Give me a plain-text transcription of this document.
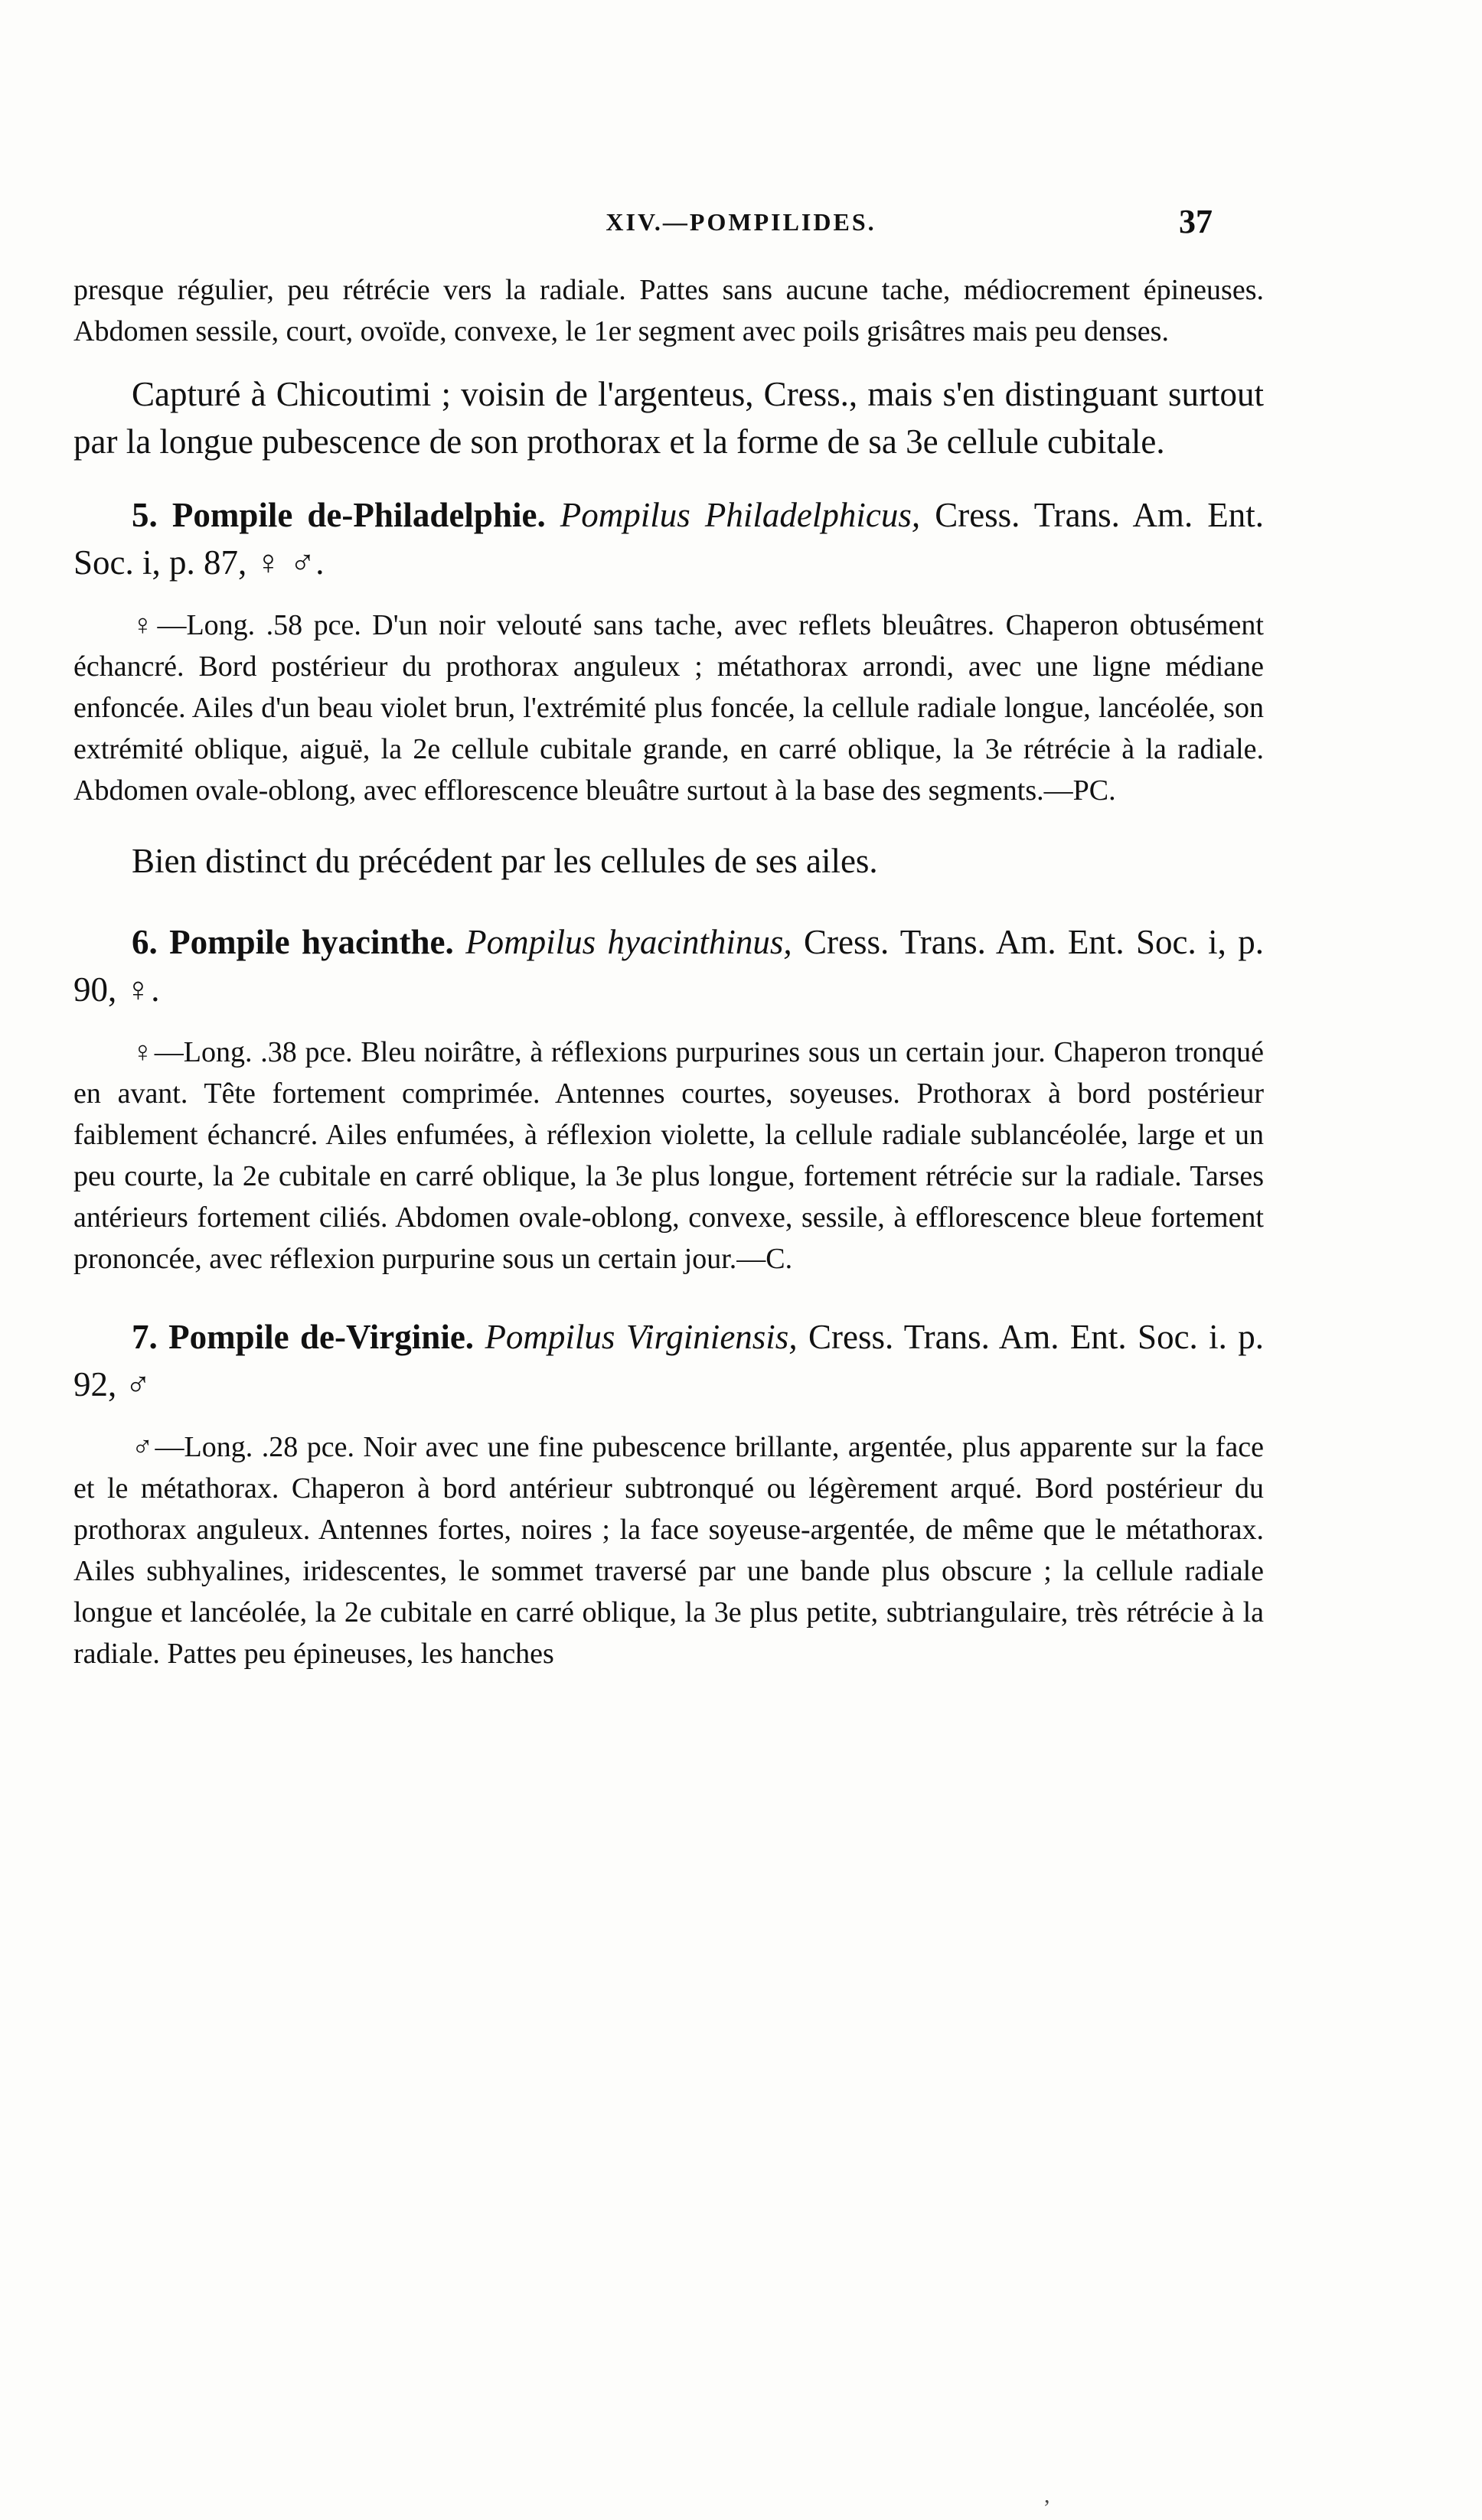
XIV.—POMPILIDES.	37

presque régulier, peu rétrécie vers la radiale. Pattes sans aucune tache, médiocrement épineuses. Abdomen sessile, court, ovoïde, convexe, le 1er segment avec poils grisâtres mais peu denses.

Capturé à Chicoutimi ; voisin de l'argenteus, Cress., mais s'en distinguant surtout par la longue pubescence de son prothorax et la forme de sa 3e cellule cubitale.

5. Pompile de-Philadelphie. Pompilus Philadelphicus, Cress. Trans. Am. Ent. Soc. i, p. 87, ♀ ♂.

♀—Long. .58 pce. D'un noir velouté sans tache, avec reflets bleuâtres. Chaperon obtusément échancré. Bord postérieur du prothorax anguleux ; métathorax arrondi, avec une ligne médiane enfoncée. Ailes d'un beau violet brun, l'extrémité plus foncée, la cellule radiale longue, lancéolée, son extrémité oblique, aiguë, la 2e cellule cubitale grande, en carré oblique, la 3e rétrécie à la radiale. Abdomen ovale-oblong, avec efflorescence bleuâtre surtout à la base des segments.—PC.

Bien distinct du précédent par les cellules de ses ailes.

6. Pompile hyacinthe. Pompilus hyacinthinus, Cress. Trans. Am. Ent. Soc. i, p. 90, ♀.

♀—Long. .38 pce. Bleu noirâtre, à réflexions purpurines sous un certain jour. Chaperon tronqué en avant. Tête fortement comprimée. Antennes courtes, soyeuses. Prothorax à bord postérieur faiblement échancré. Ailes enfumées, à réflexion violette, la cellule radiale sublancéolée, large et un peu courte, la 2e cubitale en carré oblique, la 3e plus longue, fortement rétrécie sur la radiale. Tarses antérieurs fortement ciliés. Abdomen ovale-oblong, convexe, sessile, à efflorescence bleue fortement prononcée, avec réflexion purpurine sous un certain jour.—C.

7. Pompile de-Virginie. Pompilus Virginiensis, Cress. Trans. Am. Ent. Soc. i. p. 92, ♂

♂—Long. .28 pce. Noir avec une fine pubescence brillante, argentée, plus apparente sur la face et le métathorax. Chaperon à bord antérieur subtronqué ou légèrement arqué. Bord postérieur du prothorax anguleux. Antennes fortes, noires ; la face soyeuse-argentée, de même que le métathorax. Ailes subhyalines, iridescentes, le sommet traversé par une bande plus obscure ; la cellule radiale longue et lancéolée, la 2e cubitale en carré oblique, la 3e plus petite, subtriangulaire, très rétrécie à la radiale. Pattes peu épineuses, les hanches

,
